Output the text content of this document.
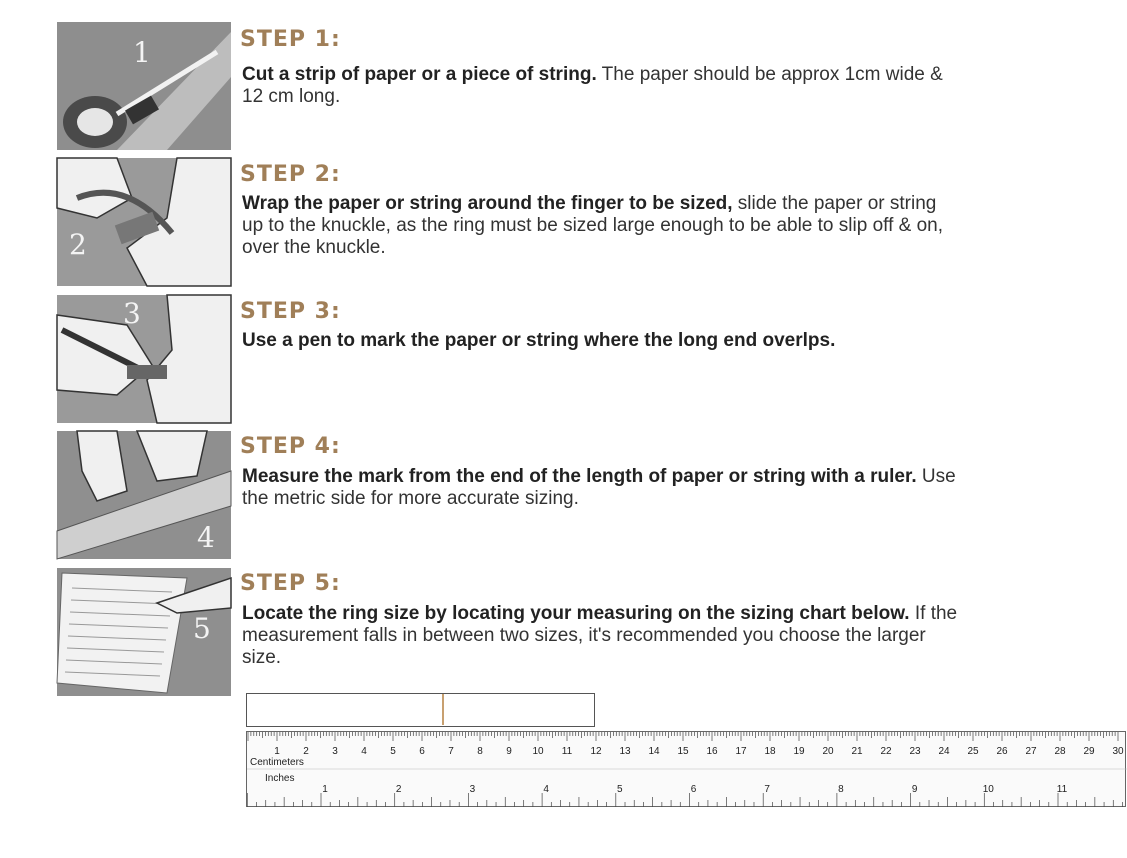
1	STEP 1:

Cut a strip of paper or a piece of string. The paper should be approx 1cm wide & 12 cm long.

2
STEP 2:

Wrap the paper or string around the finger to be sized, slide the paper or string up to the knuckle, as the ring must be sized large enough to be able to slip off & on, over the knuckle.

3	STEP 3:

Use a pen to mark the paper or string where the long end overlps.

4
STEP 4:

Measure the mark from the end of the length of paper or string with a ruler. Use the metric side for more accurate sizing.

5
STEP 5:

Locate the ring size by locating your measuring on the sizing chart below. If the measurement falls in between two sizes, it's recommended you choose the larger size.

1 2 3 4 5 6 7 8 9 10 11 12 13 14 15 16 17 18 19 20 21 22 23 24 25 26 27 28 29 30
1	2	3	4	5	6	7	8	9	10	11
Centimeters
Inches
